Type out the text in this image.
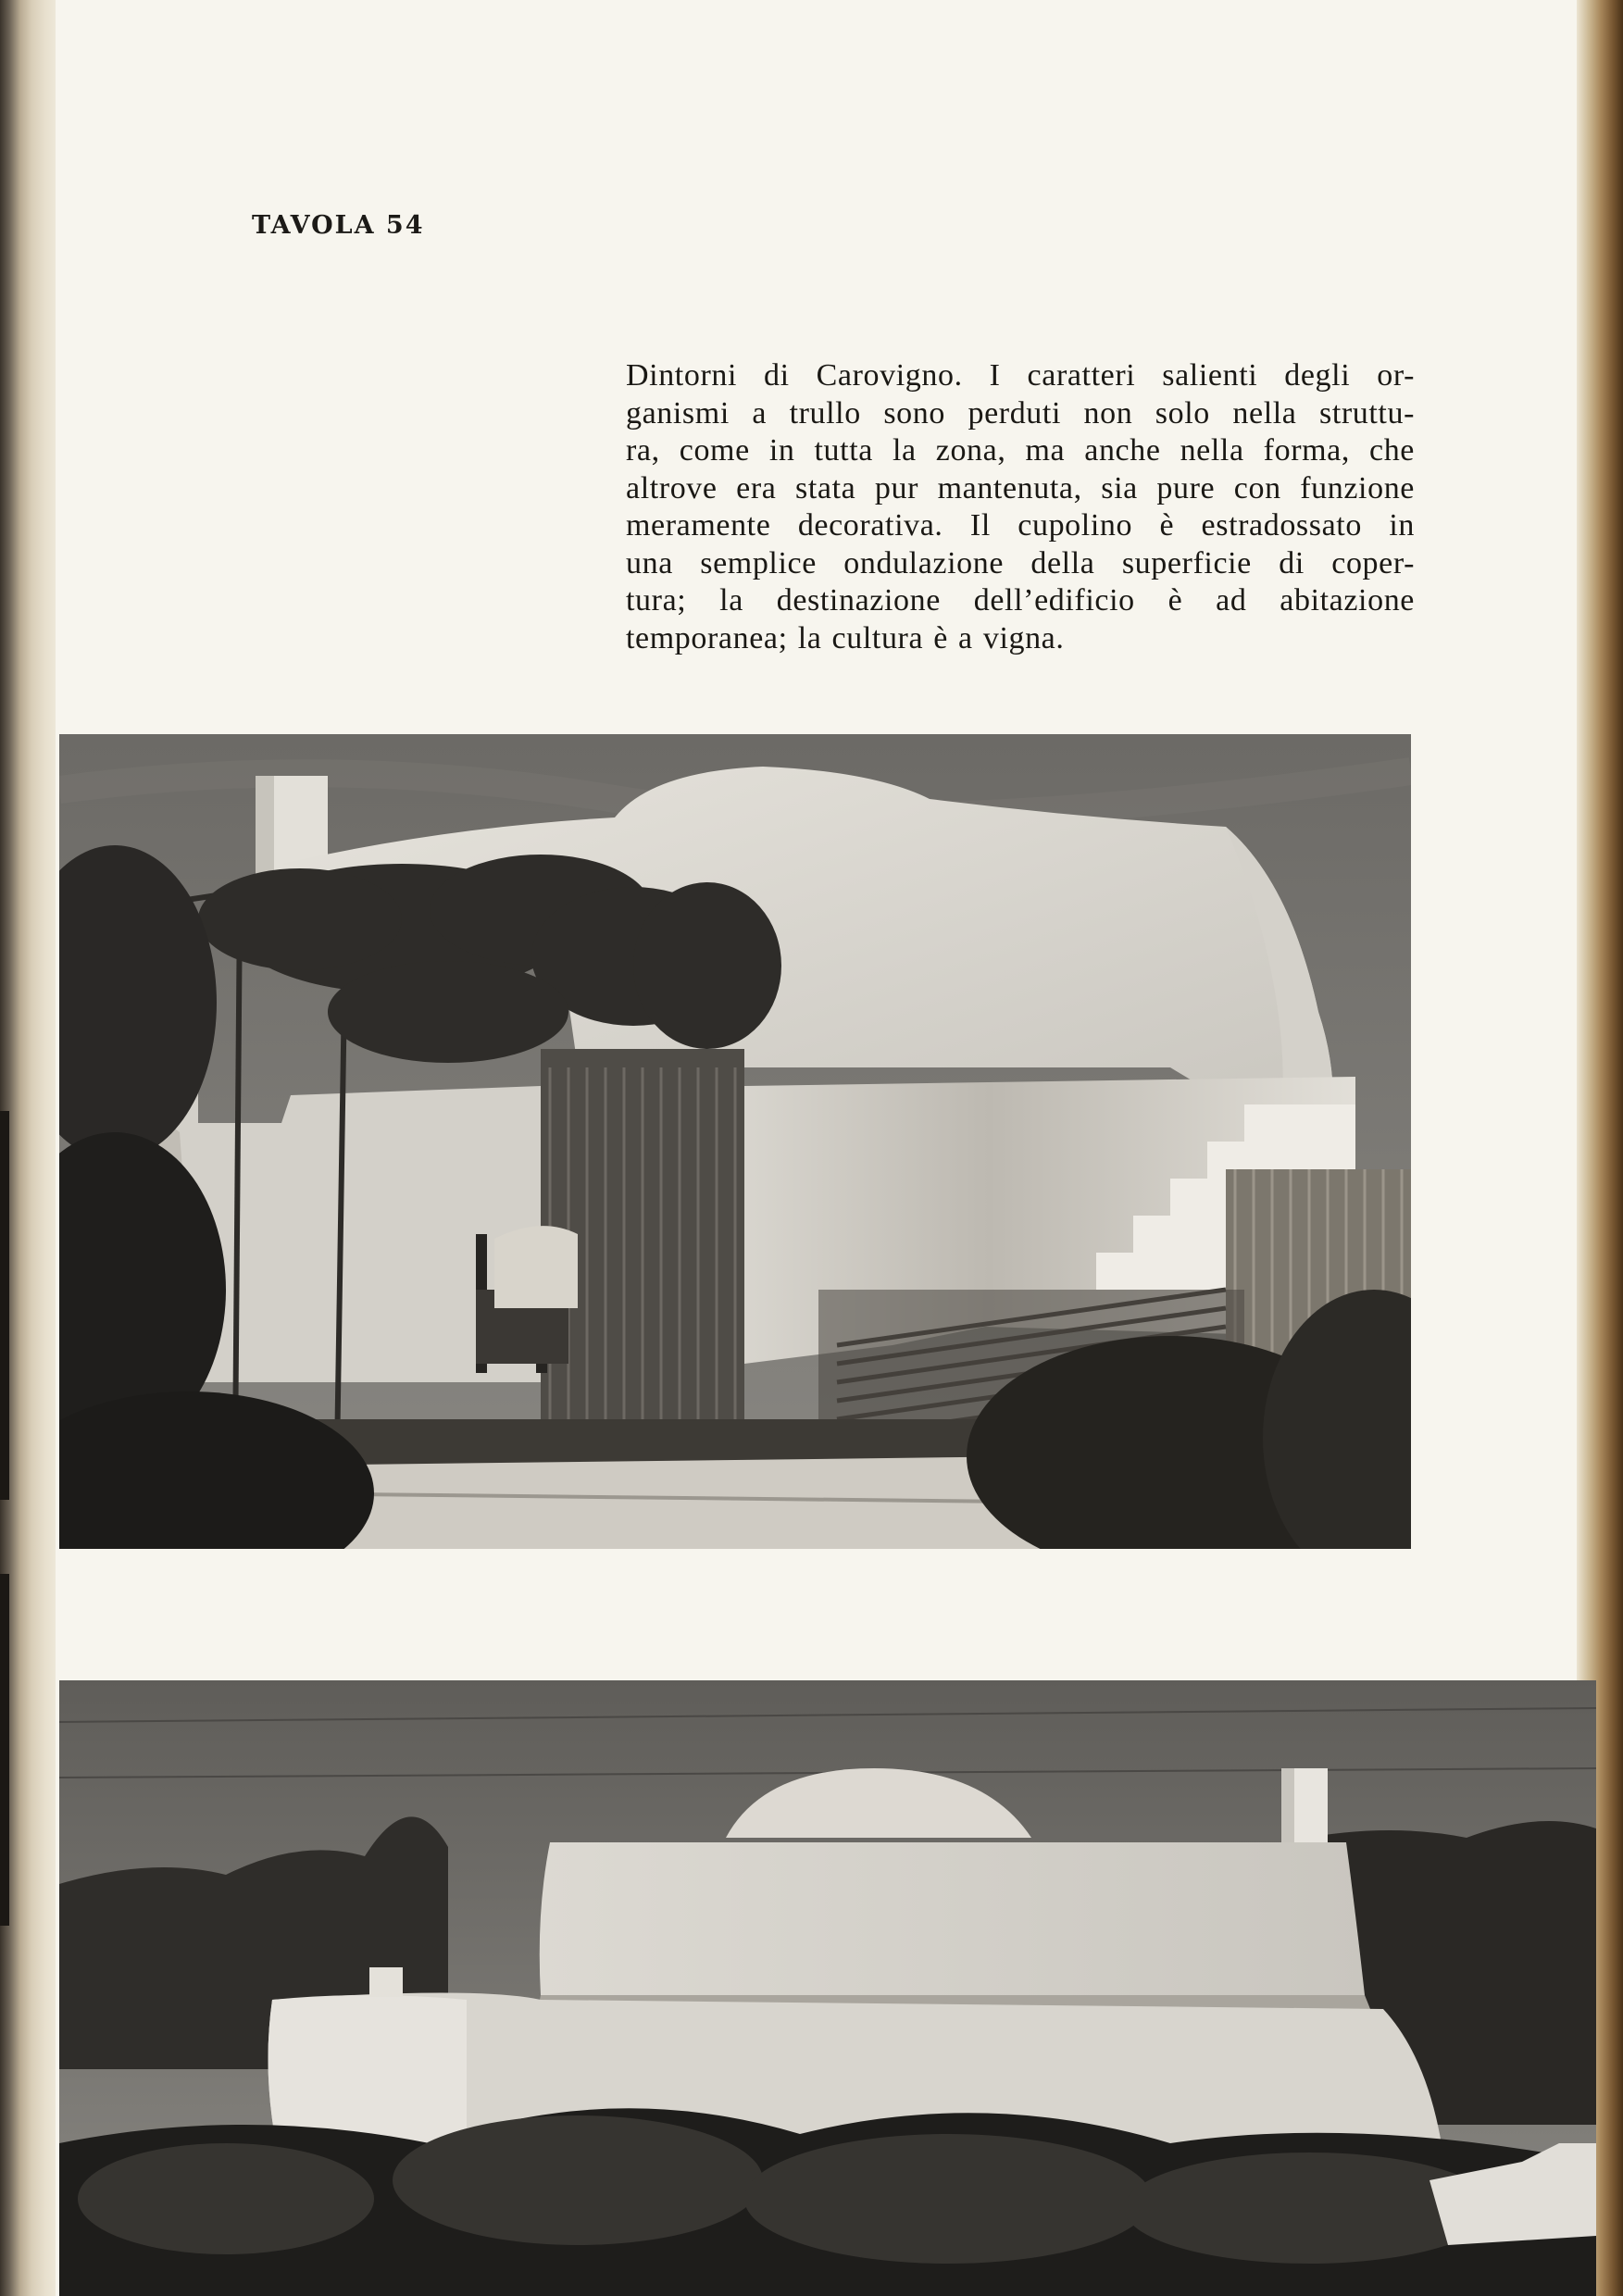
TAVOLA 54
Dintorni di Carovigno. I caratteri salienti degli or-
ganismi a trullo sono perduti non solo nella struttu-
ra, come in tutta la zona, ma anche nella forma, che
altrove era stata pur mantenuta, sia pure con funzione
meramente decorativa. Il cupolino è estradossato in
una semplice ondulazione della superficie di coper-
tura; la destinazione dell’edificio è ad abitazione
temporanea; la cultura è a vigna.
